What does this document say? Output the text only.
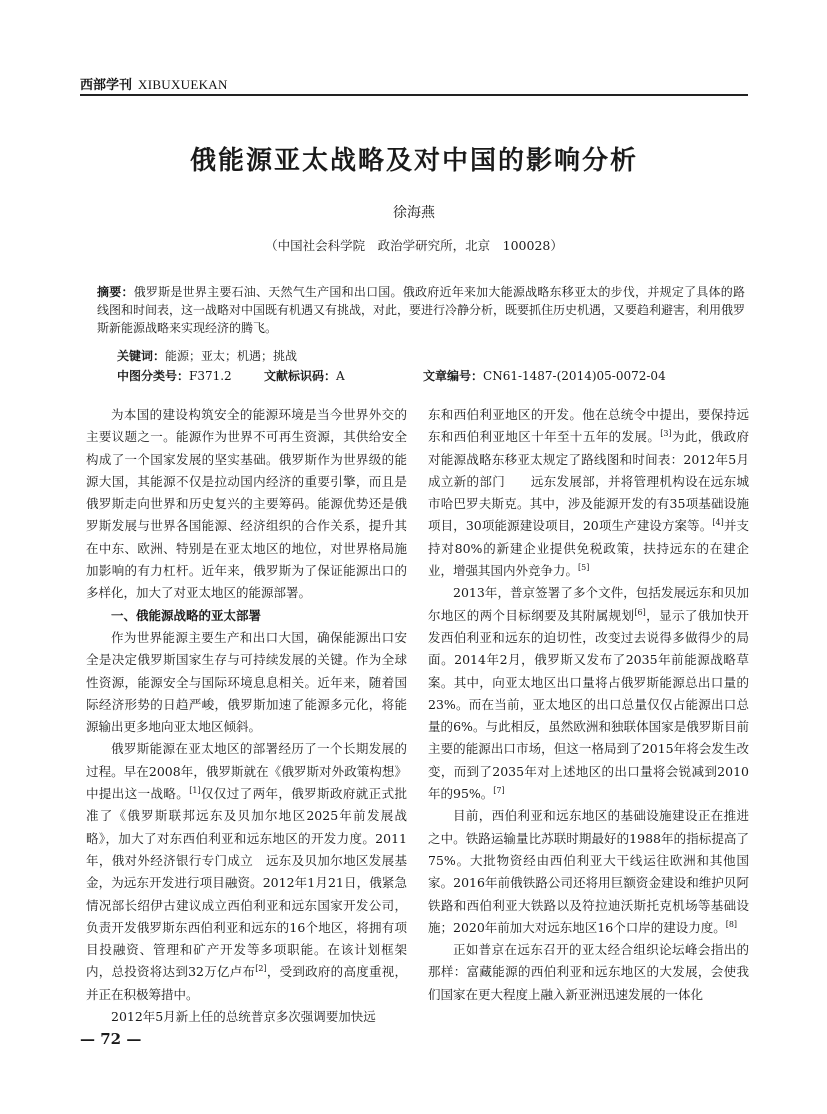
西部学刊 XIBUXUEKAN
俄能源亚太战略及对中国的影响分析
徐海燕
（中国社会科学院　政治学研究所，北京　100028）
摘要：俄罗斯是世界主要石油、天然气生产国和出口国。俄政府近年来加大能源战略东移亚太的步伐，并规定了具体的路线图和时间表，这一战略对中国既有机遇又有挑战，对此，要进行冷静分析，既要抓住历史机遇，又要趋利避害，利用俄罗斯新能源战略来实现经济的腾飞。
关键词：能源；亚太；机遇；挑战
中图分类号：F371.2	文献标识码：A	文章编号：CN61-1487-(2014)05-0072-04

为本国的建设构筑安全的能源环境是当今世界外交的主要议题之一。能源作为世界不可再生资源，其供给安全构成了一个国家发展的坚实基础。俄罗斯作为世界级的能源大国，其能源不仅是拉动国内经济的重要引擎，而且是俄罗斯走向世界和历史复兴的主要筹码。能源优势还是俄罗斯发展与世界各国能源、经济组织的合作关系，提升其在中东、欧洲、特别是在亚太地区的地位，对世界格局施加影响的有力杠杆。近年来，俄罗斯为了保证能源出口的多样化，加大了对亚太地区的能源部署。

一、俄能源战略的亚太部署

作为世界能源主要生产和出口大国，确保能源出口安全是决定俄罗斯国家生存与可持续发展的关键。作为全球性资源，能源安全与国际环境息息相关。近年来，随着国际经济形势的日趋严峻，俄罗斯加速了能源多元化，将能源输出更多地向亚太地区倾斜。

俄罗斯能源在亚太地区的部署经历了一个长期发展的过程。早在2008年，俄罗斯就在《俄罗斯对外政策构想》中提出这一战略。[1]仅仅过了两年，俄罗斯政府就正式批准了《俄罗斯联邦远东及贝加尔地区2025年前发展战略》，加大了对东西伯利亚和远东地区的开发力度。2011年，俄对外经济银行专门成立　远东及贝加尔地区发展基金，为远东开发进行项目融资。2012年1月21日，俄紧急情况部长绍伊古建议成立西伯利亚和远东国家开发公司，负责开发俄罗斯东西伯利亚和远东的16个地区，将拥有项目投融资、管理和矿产开发等多项职能。在该计划框架内，总投资将达到32万亿卢布[2]，受到政府的高度重视，并正在积极筹措中。

2012年5月新上任的总统普京多次强调要加快远

东和西伯利亚地区的开发。他在总统令中提出，要保持远东和西伯利亚地区十年至十五年的发展。[3]为此，俄政府对能源战略东移亚太规定了路线图和时间表：2012年5月成立新的部门　　远东发展部，并将管理机构设在远东城市哈巴罗夫斯克。其中，涉及能源开发的有35项基础设施项目，30项能源建设项目，20项生产建设方案等。[4]并支持对80%的新建企业提供免税政策，扶持远东的在建企业，增强其国内外竞争力。[5]

2013年，普京签署了多个文件，包括发展远东和贝加尔地区的两个目标纲要及其附属规划[6]，显示了俄加快开发西伯利亚和远东的迫切性，改变过去说得多做得少的局面。2014年2月，俄罗斯又发布了2035年前能源战略草案。其中，向亚太地区出口量将占俄罗斯能源总出口量的23%。而在当前，亚太地区的出口总量仅仅占能源出口总量的6%。与此相反，虽然欧洲和独联体国家是俄罗斯目前主要的能源出口市场，但这一格局到了2015年将会发生改变，而到了2035年对上述地区的出口量将会锐减到2010年的95%。[7]

目前，西伯利亚和远东地区的基础设施建设正在推进之中。铁路运输量比苏联时期最好的1988年的指标提高了75%。大批物资经由西伯利亚大干线运往欧洲和其他国家。2016年前俄铁路公司还将用巨额资金建设和维护贝阿铁路和西伯利亚大铁路以及符拉迪沃斯托克机场等基础设施；2020年前加大对远东地区16个口岸的建设力度。[8]

正如普京在远东召开的亚太经合组织论坛峰会指出的那样：富藏能源的西伯利亚和远东地区的大发展，会使我们国家在更大程度上融入新亚洲迅速发展的一体化

— 72 —
